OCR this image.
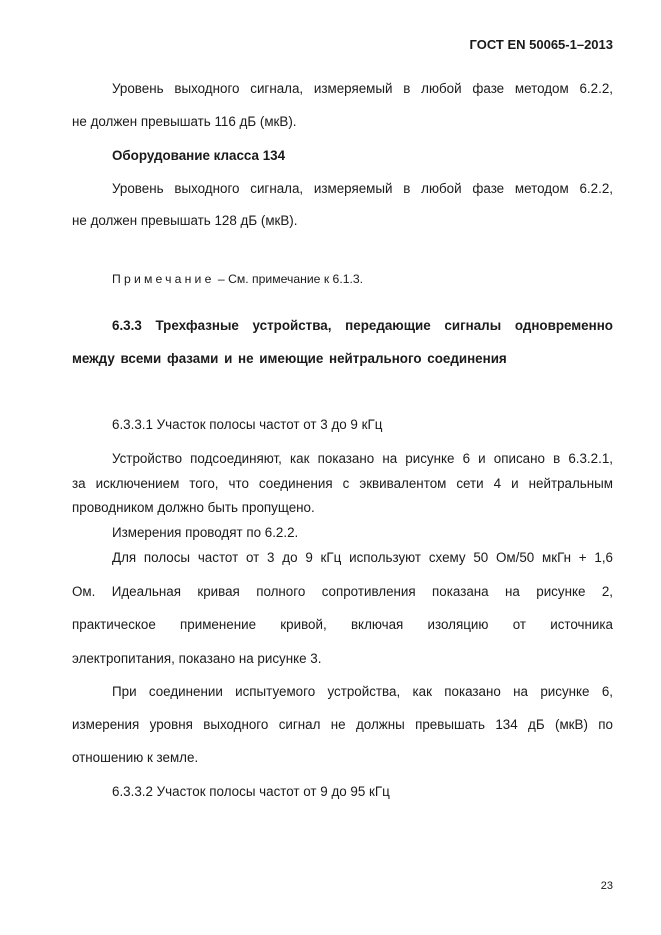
ГОСТ EN 50065-1–2013
Уровень выходного сигнала, измеряемый в любой фазе методом 6.2.2,
не должен превышать 116 дБ (мкВ).
Оборудование класса 134
Уровень выходного сигнала, измеряемый в любой фазе методом 6.2.2,
не должен превышать 128 дБ (мкВ).
Примечание – См. примечание к 6.1.3.
6.3.3 Трехфазные устройства, передающие сигналы одновременно
между всеми фазами и не имеющие нейтрального соединения
6.3.3.1 Участок полосы частот от 3 до 9 кГц
Устройство подсоединяют, как показано на рисунке 6 и описано в 6.3.2.1,
за исключением того, что соединения с эквивалентом сети 4 и нейтральным
проводником должно быть пропущено.
Измерения проводят по 6.2.2.
Для полосы частот от 3 до 9 кГц используют схему 50 Ом/50 мкГн + 1,6
Ом. Идеальная кривая полного сопротивления показана на рисунке 2,
практическое применение кривой, включая изоляцию от источника
электропитания, показано на рисунке 3.
При соединении испытуемого устройства, как показано на рисунке 6,
измерения уровня выходного сигнал не должны превышать 134 дБ (мкВ) по
отношению к земле.
6.3.3.2 Участок полосы частот от 9 до 95 кГц
23
